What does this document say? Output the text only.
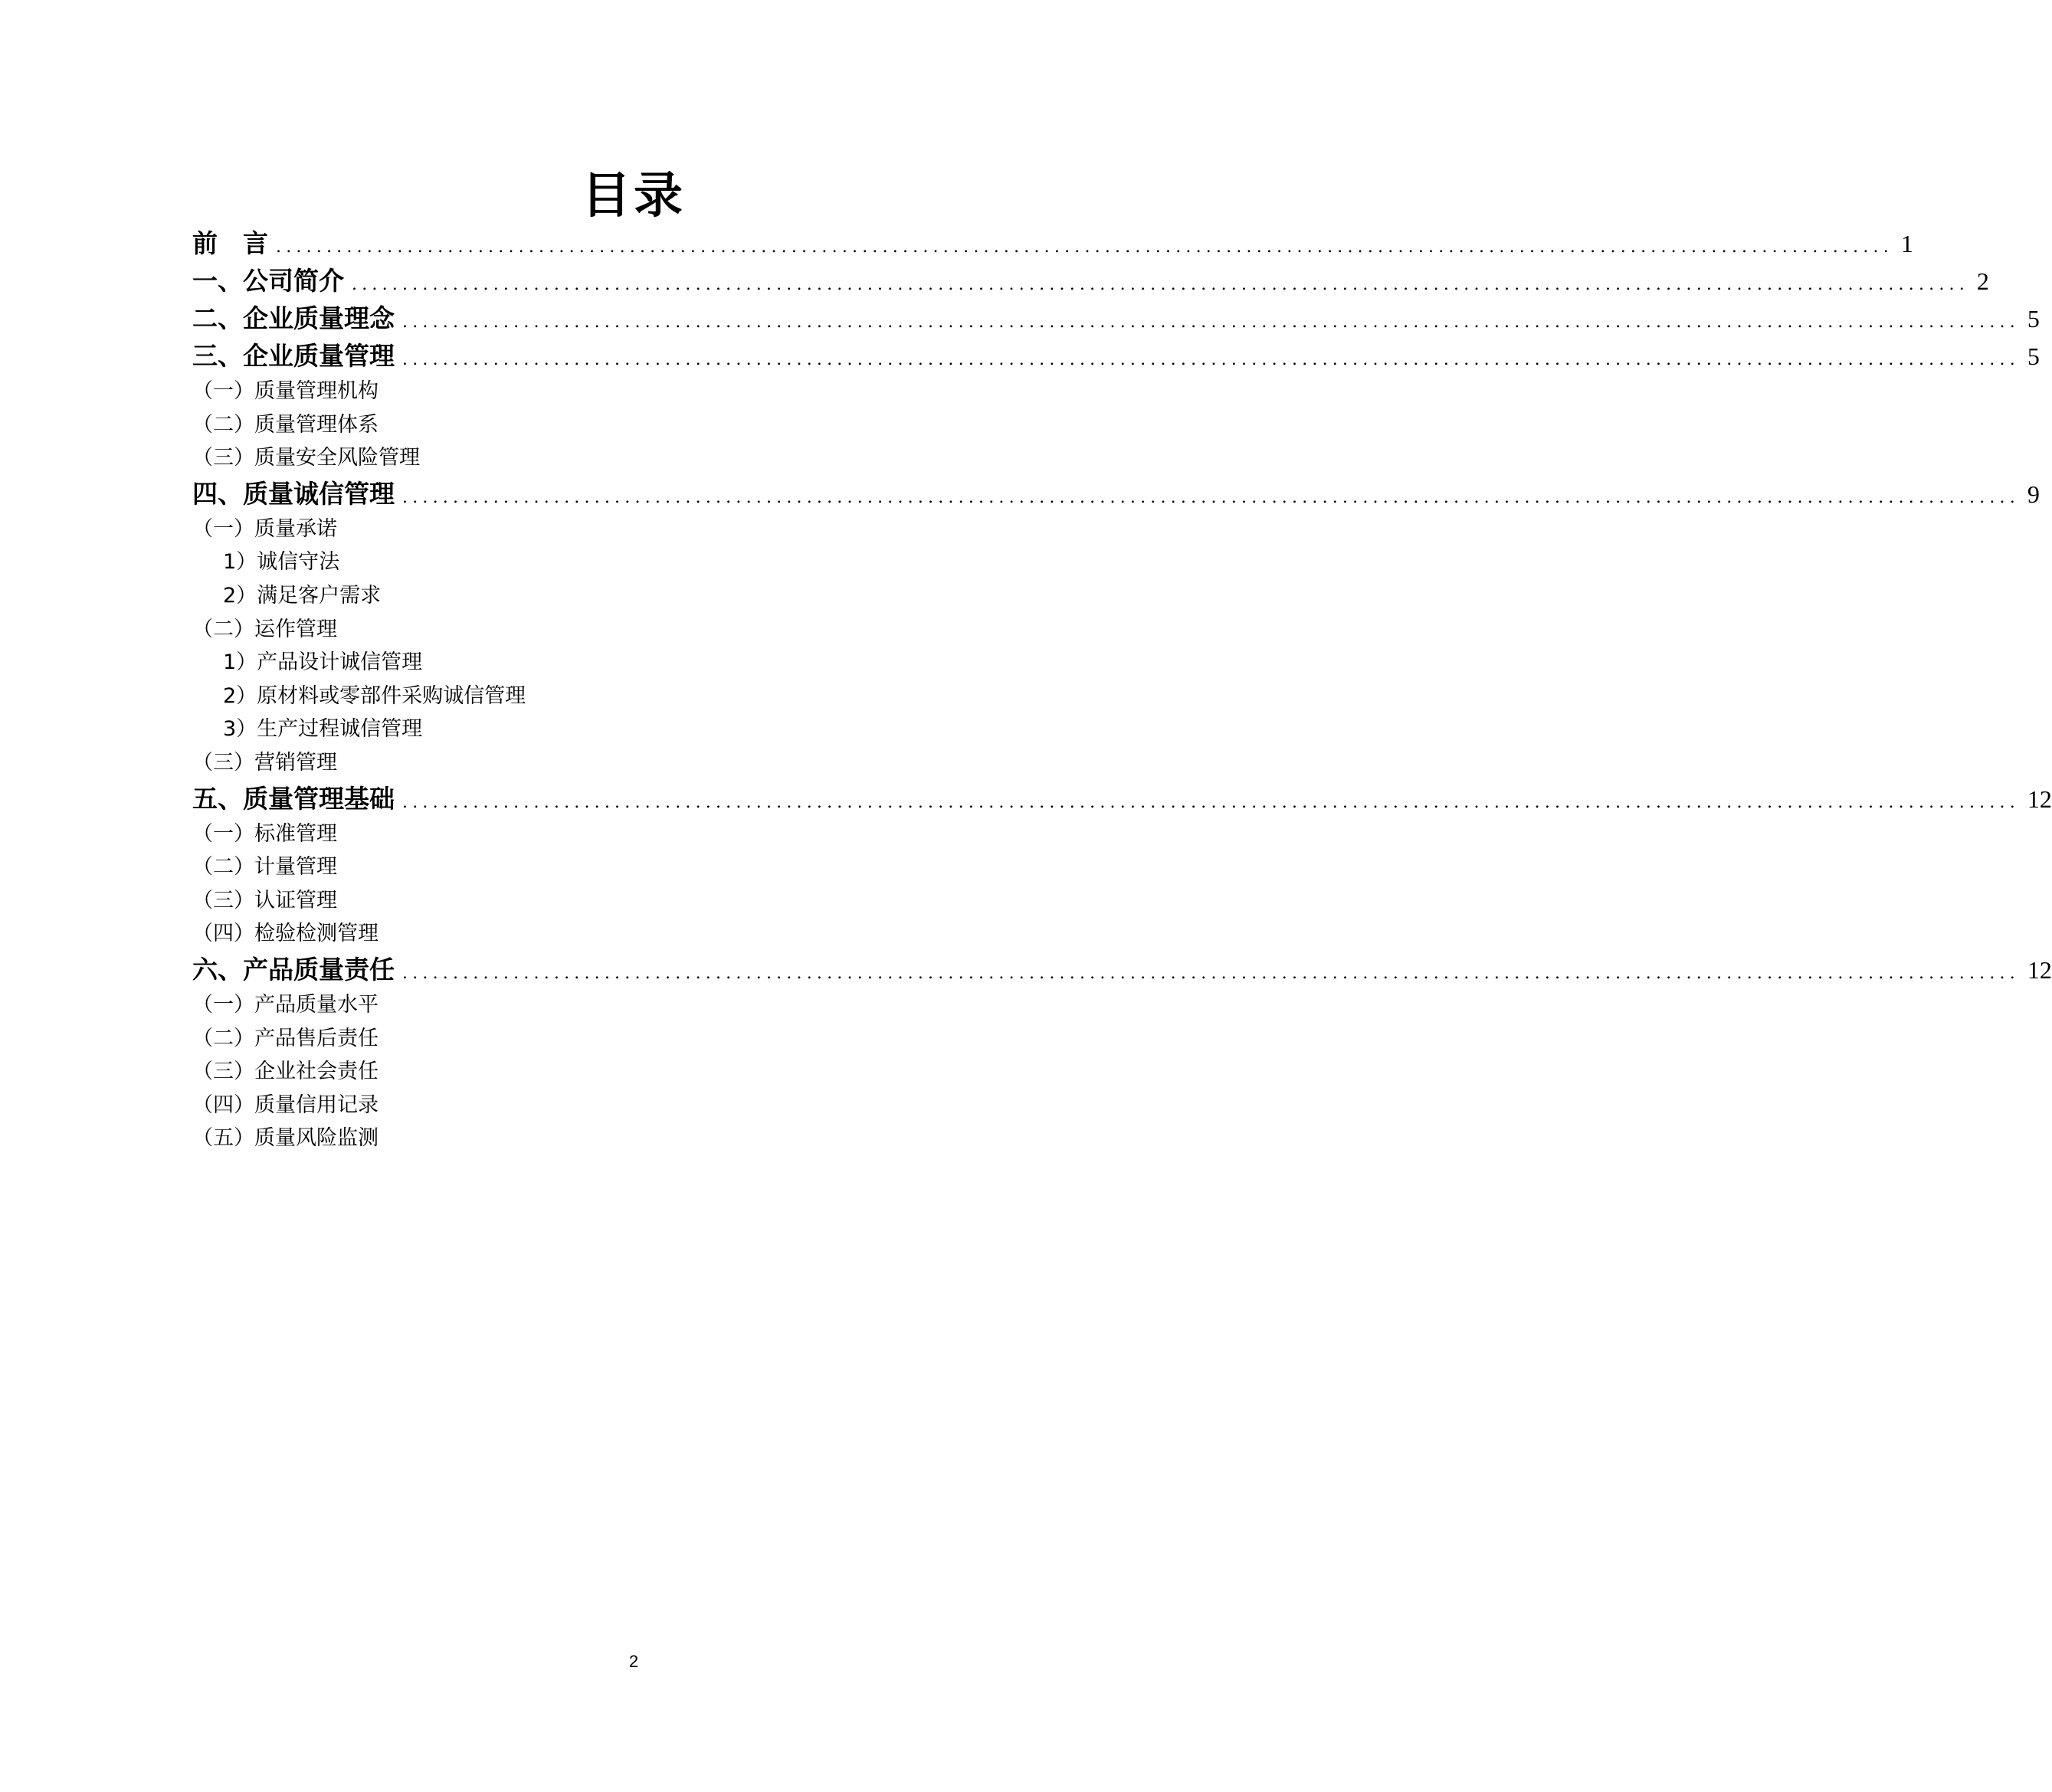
目录
前　言 ................................................................................................................................................................ 1
一、公司简介 ................................................................................................................................................................ 2
二、企业质量理念 ................................................................................................................................................................ 5
三、企业质量管理 ................................................................................................................................................................ 5
（一）质量管理机构
（二）质量管理体系
（三）质量安全风险管理
四、质量诚信管理 ................................................................................................................................................................ 9
（一）质量承诺
1）诚信守法
2）满足客户需求
（二）运作管理
1）产品设计诚信管理
2）原材料或零部件采购诚信管理
3）生产过程诚信管理
（三）营销管理
五、质量管理基础 ................................................................................................................................................................ 12
（一）标准管理
（二）计量管理
（三）认证管理
（四）检验检测管理
六、产品质量责任 ................................................................................................................................................................ 12
（一）产品质量水平
（二）产品售后责任
（三）企业社会责任
（四）质量信用记录
（五）质量风险监测
2
